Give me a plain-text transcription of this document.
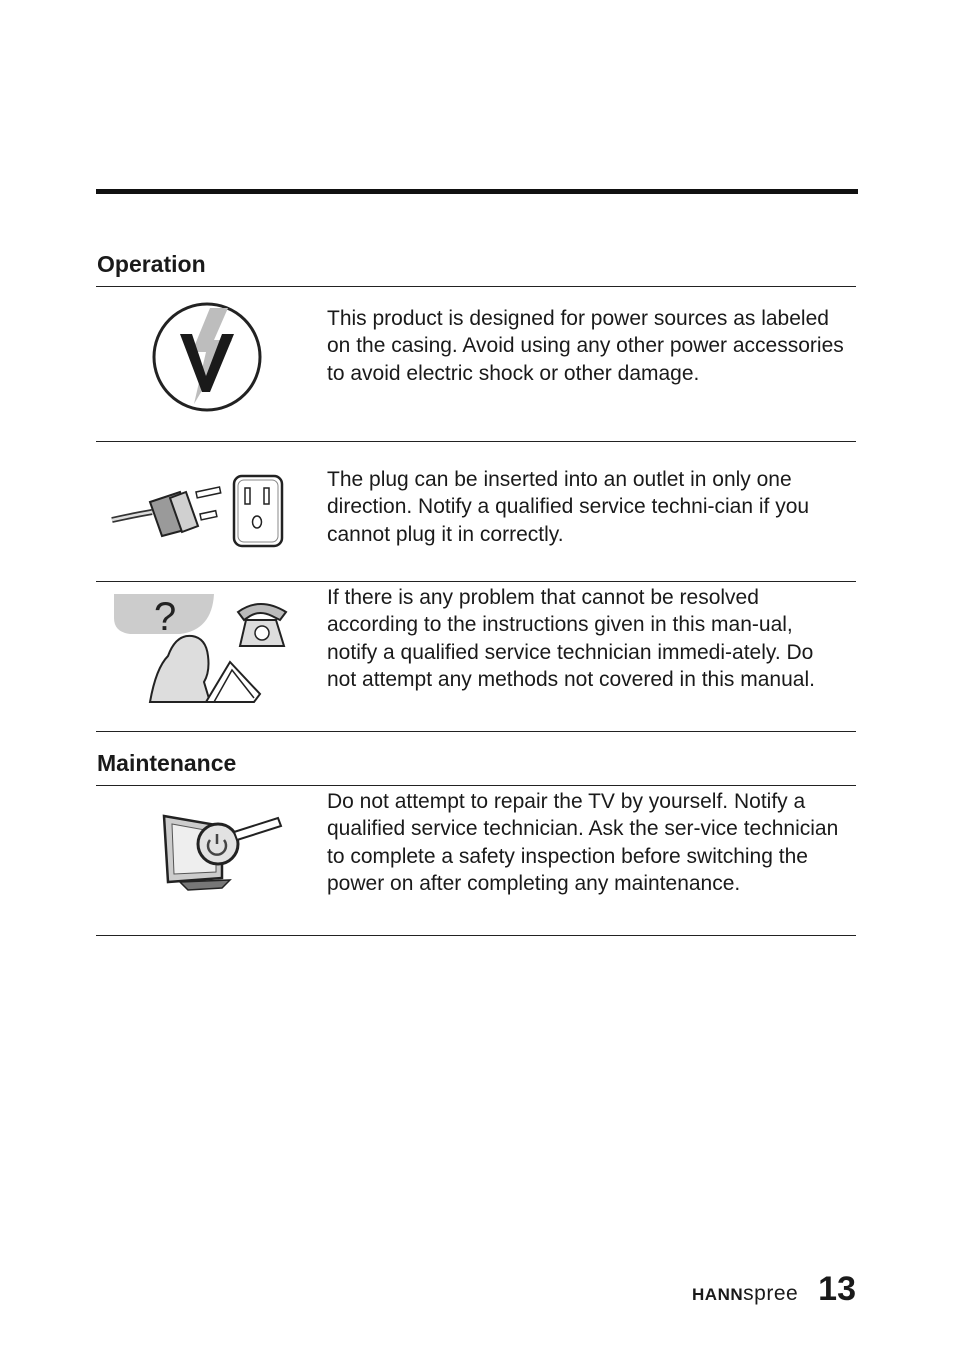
Operation

This product is designed for power sources as labeled on the casing. Avoid using any other power accessories to avoid electric shock or other damage.

The plug can be inserted into an outlet in only one direction. Notify a qualified service techni-cian if you cannot plug it in correctly.

?	If there is any problem that cannot be resolved according to the instructions given in this man-ual, notify a qualified service technician immedi-ately. Do not attempt any methods not covered in this manual.

Maintenance

Do not attempt to repair the TV by yourself. Notify a qualified service technician. Ask the ser-vice technician to complete a safety inspection before switching the power on after completing any maintenance.

HANNspree 13
